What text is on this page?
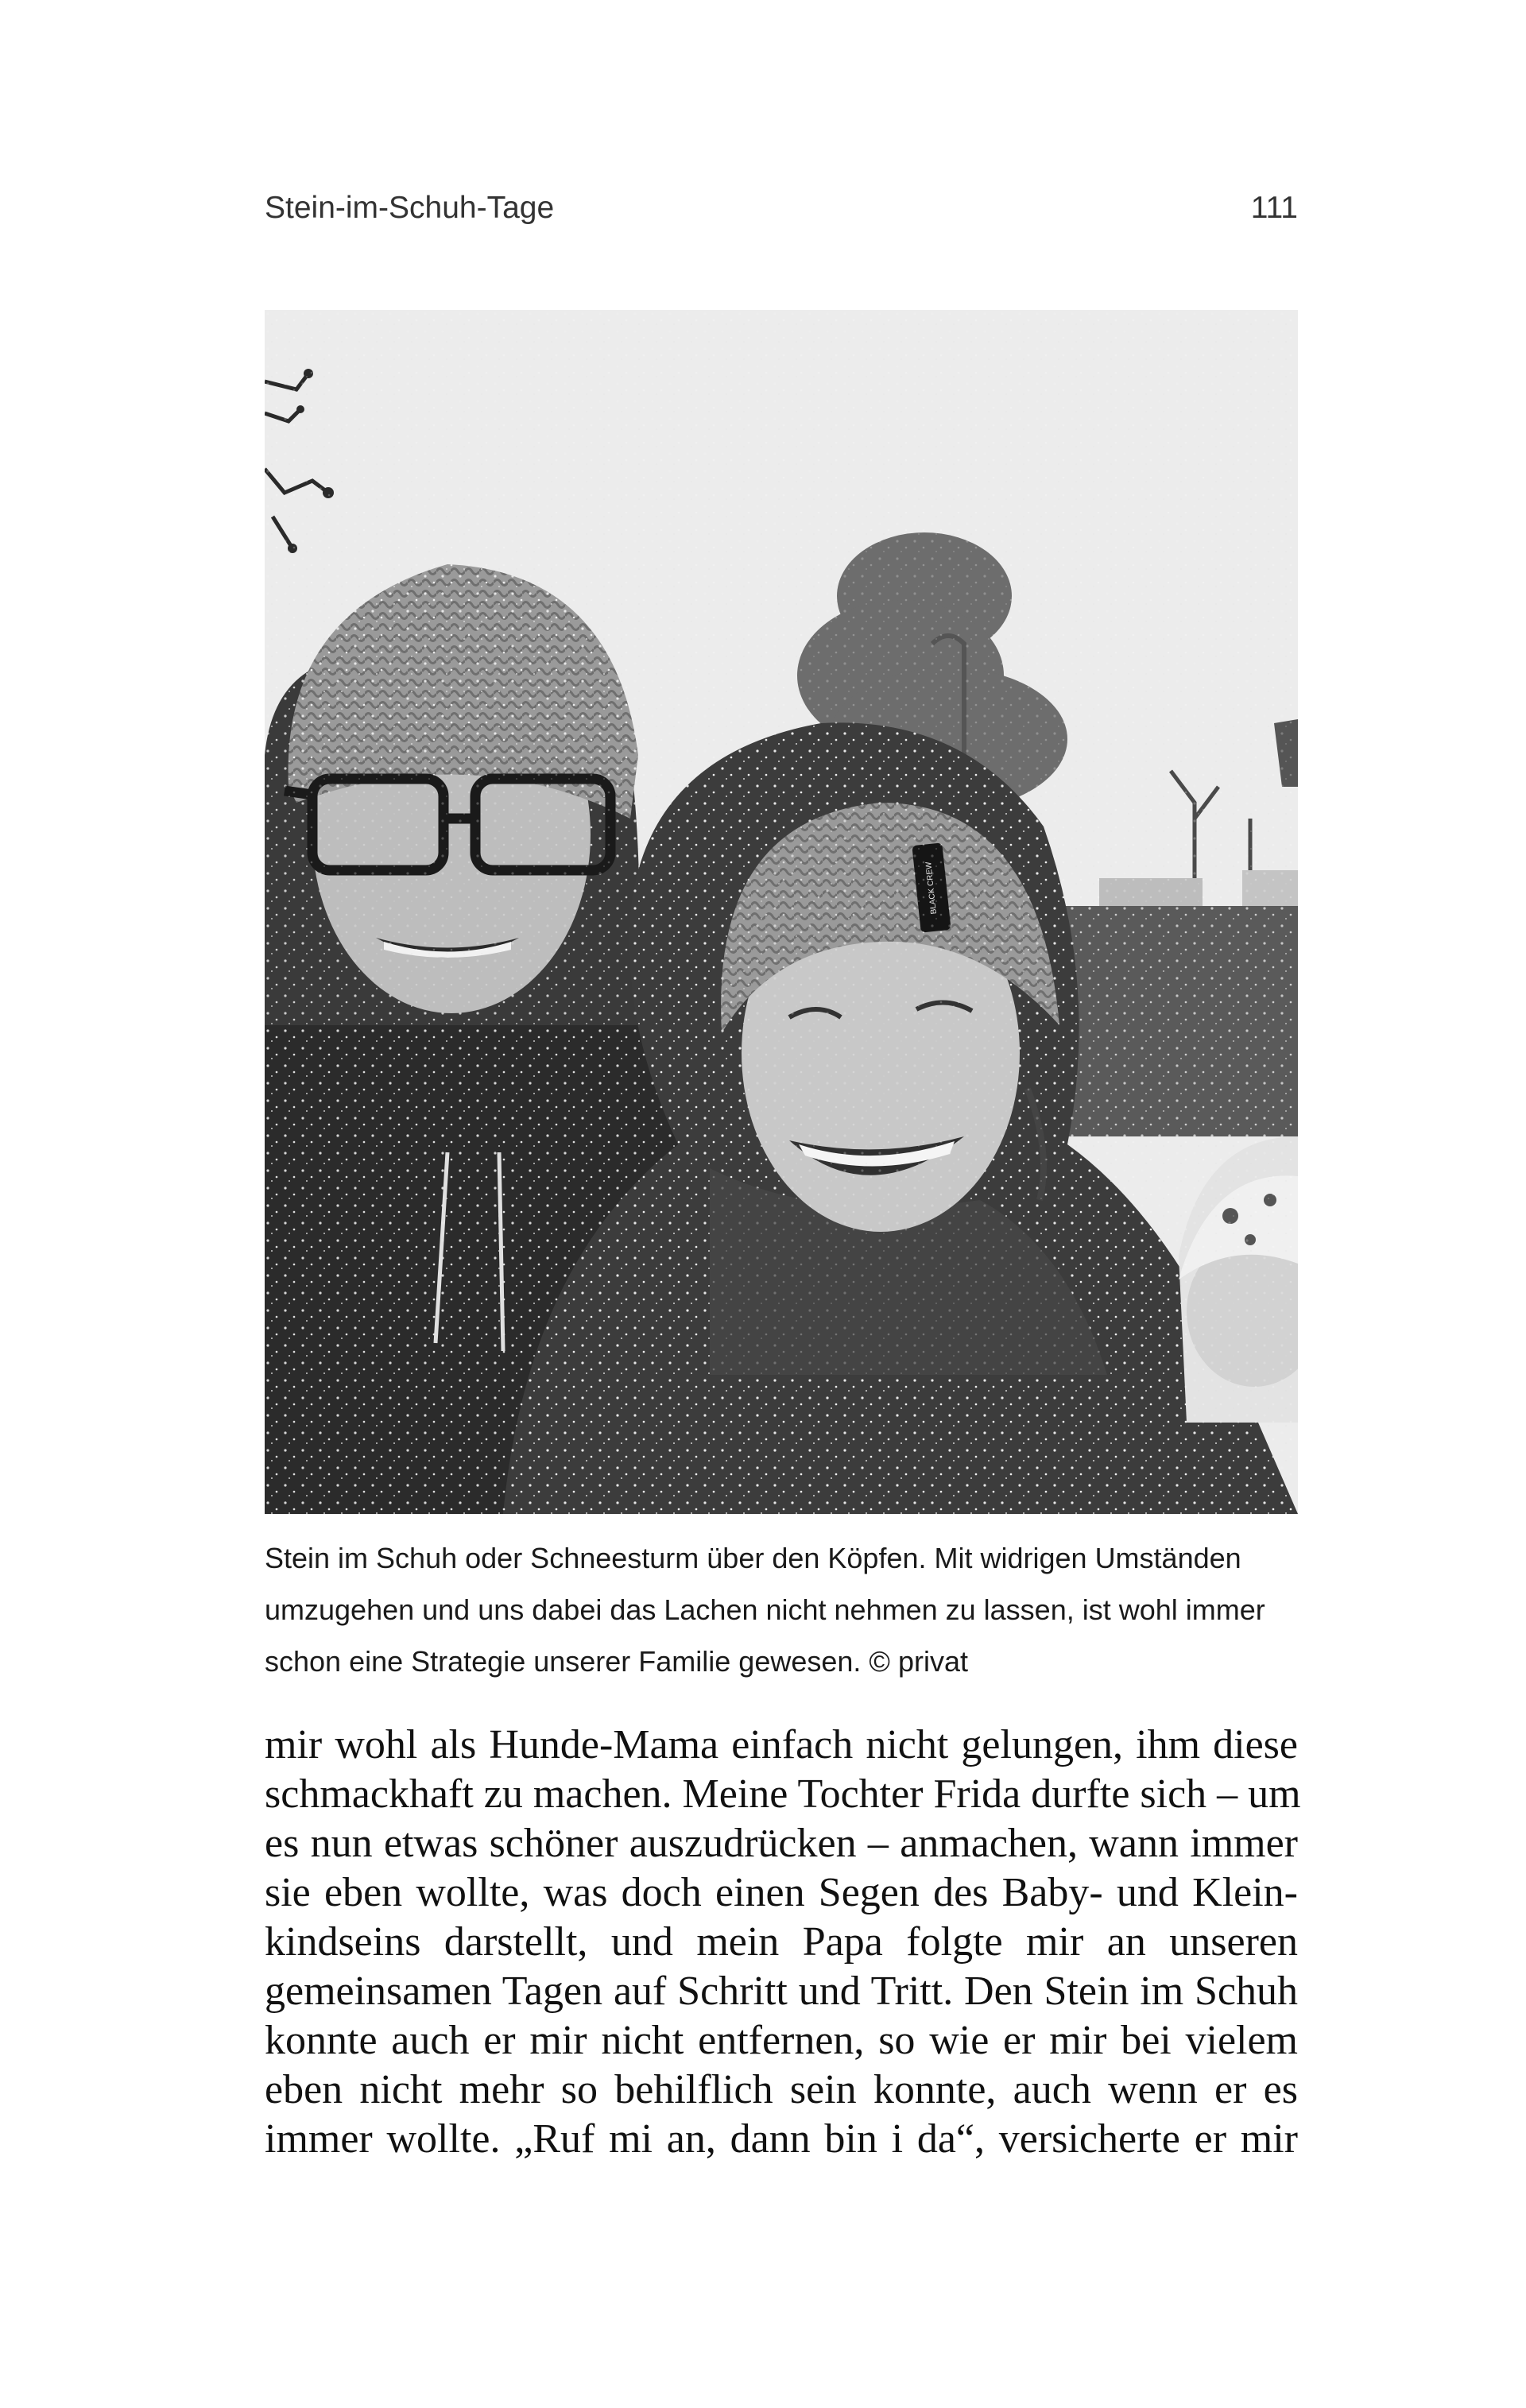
Stein-im-Schuh-Tage	111
BLACK CREW
Stein im Schuh oder Schneesturm über den Köpfen. Mit widrigen Umständen
umzugehen und uns dabei das Lachen nicht nehmen zu lassen, ist wohl immer
schon eine Strategie unserer Familie gewesen. © privat
mir wohl als Hunde-Mama einfach nicht gelungen, ihm diese
schmackhaft zu machen. Meine Tochter Frida durfte sich – um
es nun etwas schöner auszudrücken – anmachen, wann immer
sie eben wollte, was doch einen Segen des Baby- und Klein-
kindseins darstellt, und mein Papa folgte mir an unseren
gemeinsamen Tagen auf Schritt und Tritt. Den Stein im Schuh
konnte auch er mir nicht entfernen, so wie er mir bei vielem
eben nicht mehr so behilflich sein konnte, auch wenn er es
immer wollte. „Ruf mi an, dann bin i da“, versicherte er mir
